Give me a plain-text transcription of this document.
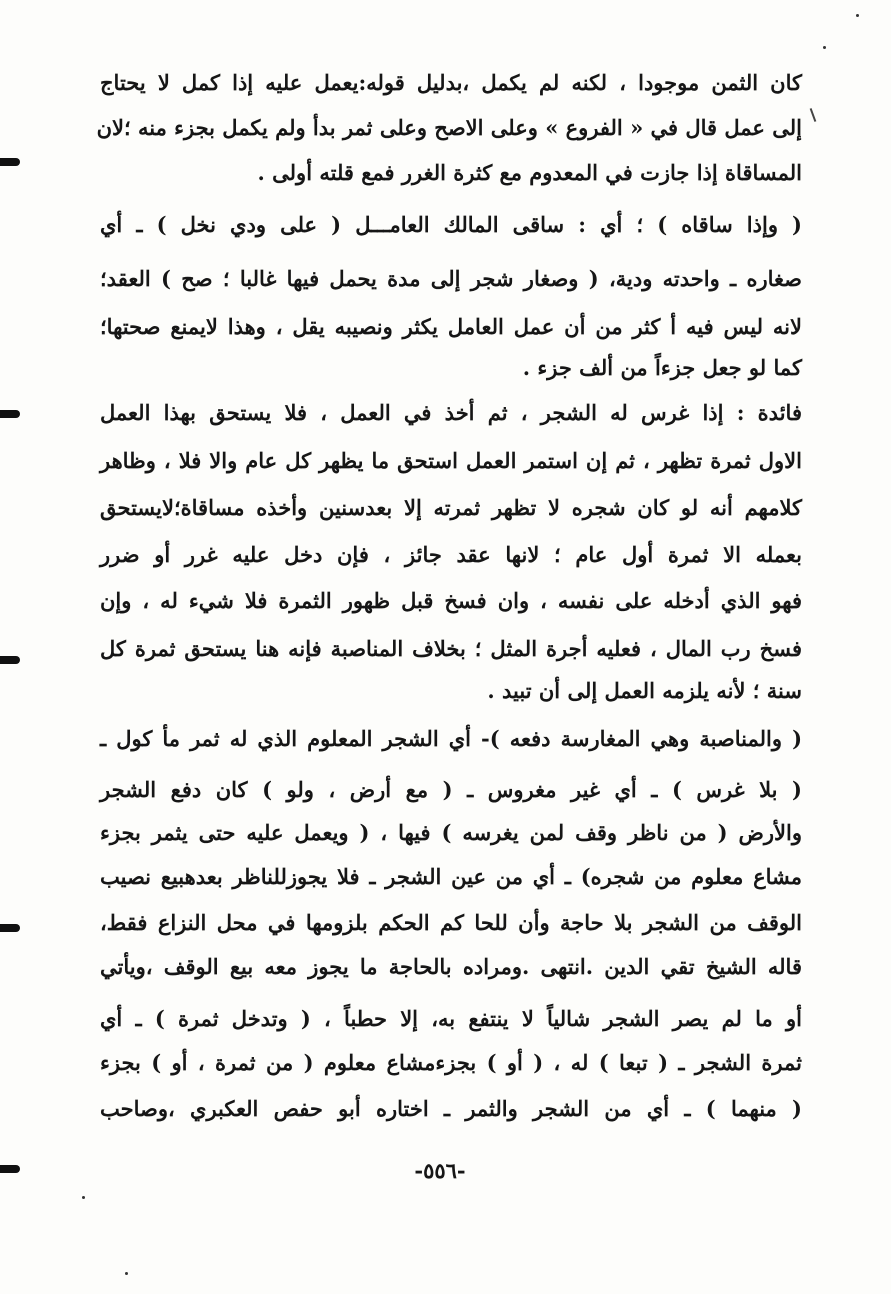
كان الثمن موجودا ، لكنه لم يكمل ،بدليل قوله:يعمل عليه إذا كمل لا يحتاج
إلى عمل قال في « الفروع » وعلى الاصح وعلى ثمر بدأ ولم يكمل بجزء منه ؛لان
المساقاة إذا جازت في المعدوم مع كثرة الغرر فمع قلته أولى .
( وإذا ساقاه ) ؛ أي : ساقى المالك العامـــل ( على ودي نخل ) ـ أي
صغاره ـ واحدته ودية، ( وصغار شجر إلى مدة يحمل فيها غالبا ؛ صح ) العقد؛
لانه ليس فيه أ كثر من أن عمل العامل يكثر ونصيبه يقل ، وهذا لايمنع صحتها؛
كما لو جعل جزءاً من ألف جزء .
فائدة : إذا غرس له الشجر ، ثم أخذ في العمل ، فلا يستحق بهذا العمل
الاول ثمرة تظهر ، ثم إن استمر العمل استحق ما يظهر كل عام والا فلا ، وظاهر
كلامهم أنه لو كان شجره لا تظهر ثمرته إلا بعدسنين وأخذه مساقاة؛لايستحق
بعمله الا ثمرة أول عام ؛ لانها عقد جائز ، فإن دخل عليه غرر أو ضرر
فهو الذي أدخله على نفسه ، وان فسخ قبل ظهور الثمرة فلا شيء له ، وإن
فسخ رب المال ، فعليه أجرة المثل ؛ بخلاف المناصبة فإنه هنا يستحق ثمرة كل
سنة ؛ لأنه يلزمه العمل إلى أن تبيد .
( والمناصبة وهي المغارسة دفعه )- أي الشجر المعلوم الذي له ثمر مأ كول ـ
( بلا غرس ) ـ أي غير مغروس ـ ( مع أرض ، ولو ) كان دفع الشجر
والأرض ( من ناظر وقف لمن يغرسه ) فيها ، ( ويعمل عليه حتى يثمر بجزء
مشاع معلوم من شجره) ـ أي من عين الشجر ـ فلا يجوزللناظر بعدهبيع نصيب
الوقف من الشجر بلا حاجة وأن للحا كم الحكم بلزومها في محل النزاع فقط،
قاله الشيخ تقي الدين .انتهى .ومراده بالحاجة ما يجوز معه بيع الوقف ،ويأتي
أو ما لم يصر الشجر شالياً لا ينتفع به، إلا حطباً ، ( وتدخل ثمرة ) ـ أي
ثمرة الشجر ـ ( تبعا ) له ، ( أو ) بجزءمشاع معلوم ( من ثمرة ، أو ) بجزء
( منهما ) ـ أي من الشجر والثمر ـ اختاره أبو حفص العكبري ،وصاحب
-٥٥٦-
